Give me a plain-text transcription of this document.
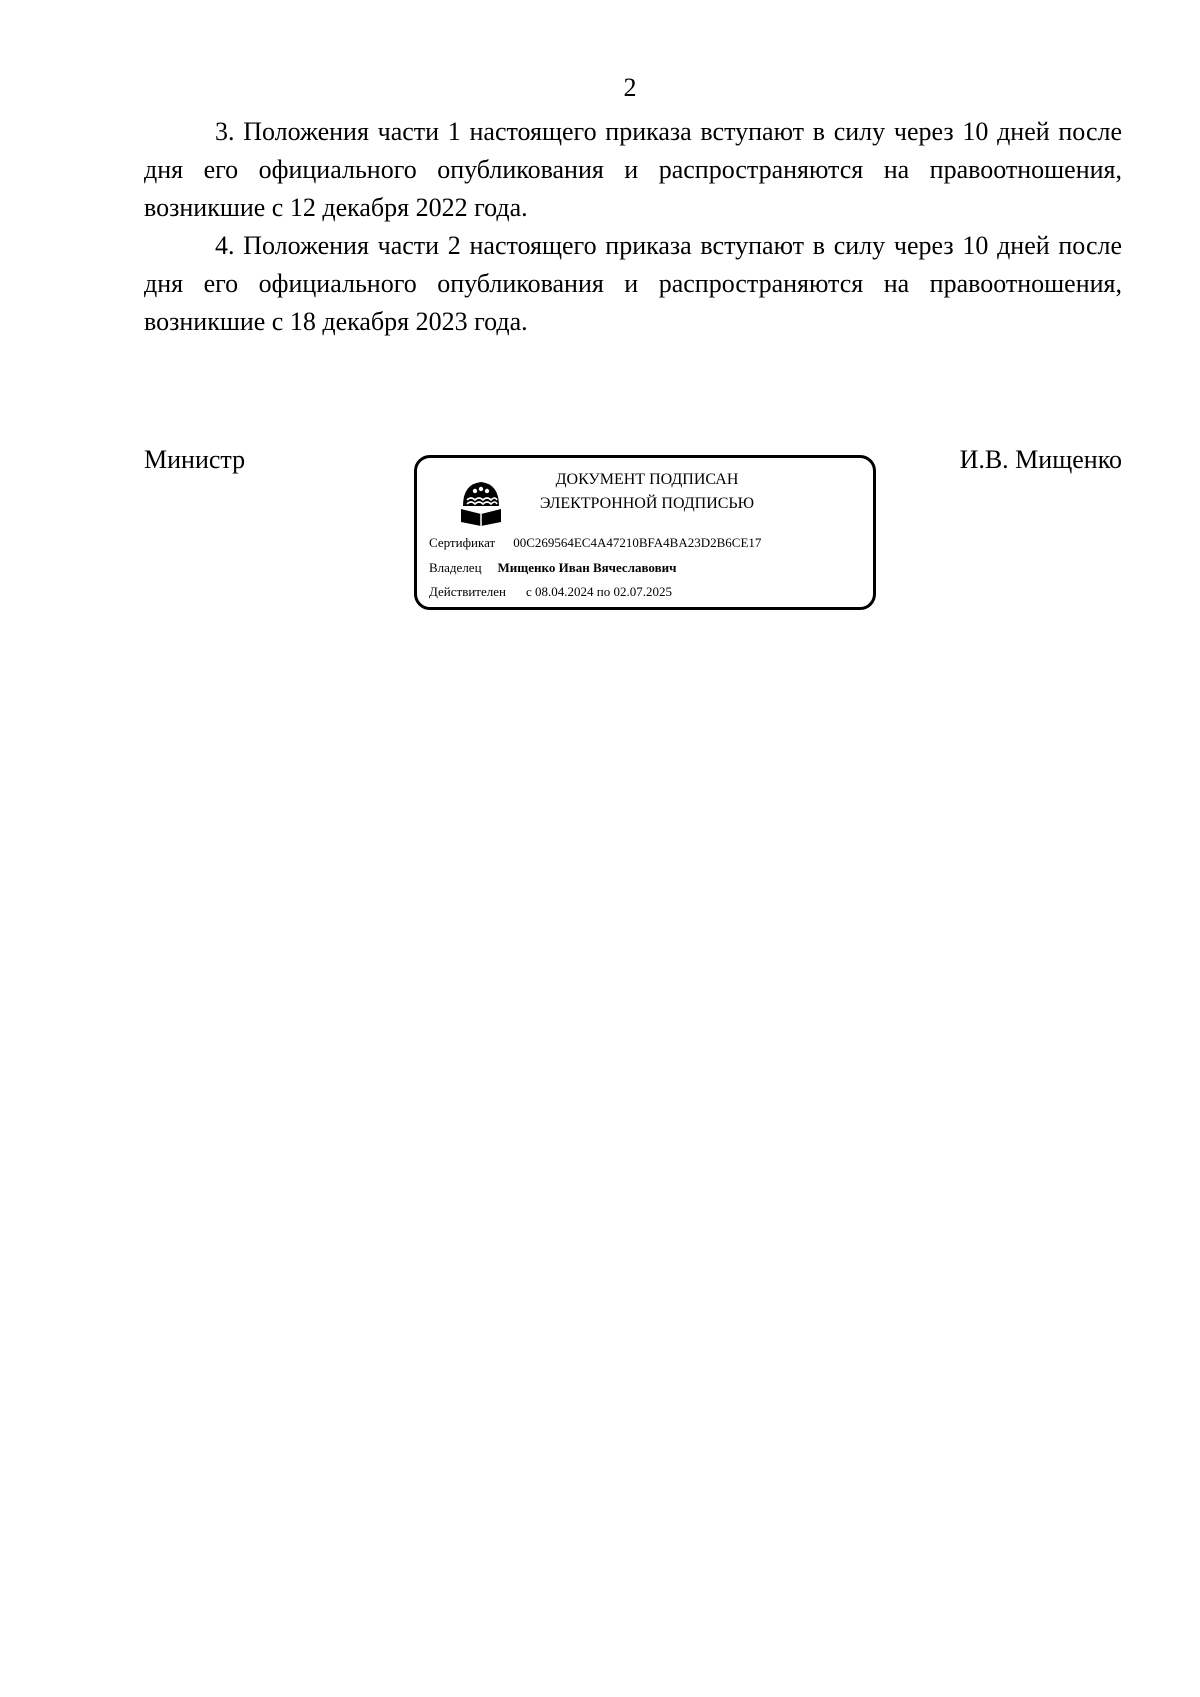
2

3. Положения части 1 настоящего приказа вступают в силу через 10 дней после дня его официального опубликования и распространяются на правоотношения, возникшие с 12 декабря 2022 года.

4. Положения части 2 настоящего приказа вступают в силу через 10 дней после дня его официального опубликования и распространяются на правоотношения, возникшие с 18 декабря 2023 года.

Министр	И.В. Мищенко
ДОКУМЕНТ ПОДПИСАН
ЭЛЕКТРОННОЙ ПОДПИСЬЮ
Сертификат 00C269564EC4A47210BFA4BA23D2B6CE17
Владелец Мищенко Иван Вячеславович
Действителен с 08.04.2024 по 02.07.2025
